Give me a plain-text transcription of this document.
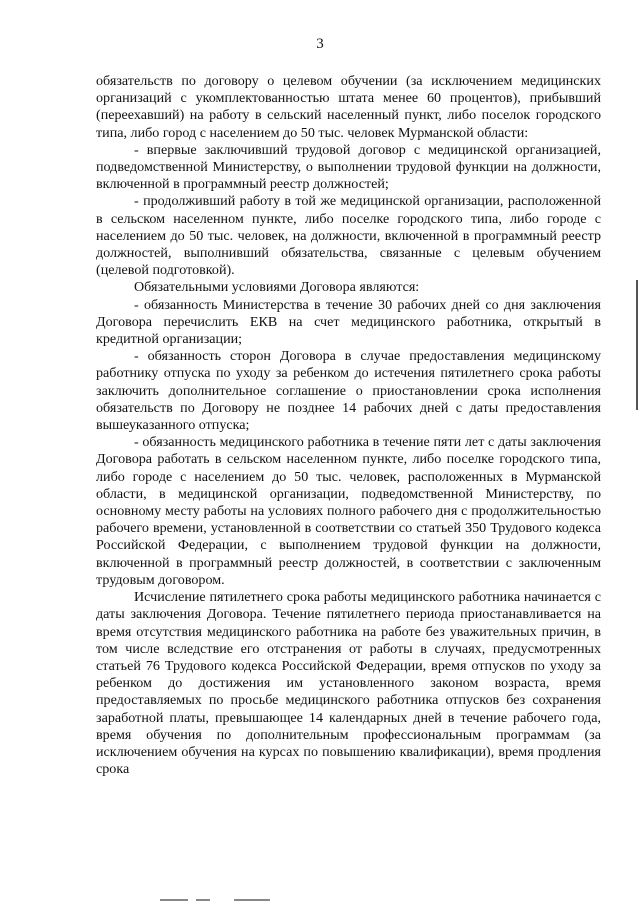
3

обязательств по договору о целевом обучении (за исключением медицинских организаций с укомплектованностью штата менее 60 процентов), прибывший (переехавший) на работу в сельский населенный пункт, либо поселок городского типа, либо город с населением до 50 тыс. человек Мурманской области:

- впервые заключивший трудовой договор с медицинской организацией, подведомственной Министерству, о выполнении трудовой функции на должности, включенной в программный реестр должностей;

- продолживший работу в той же медицинской организации, расположенной в сельском населенном пункте, либо поселке городского типа, либо городе с населением до 50 тыс. человек, на должности, включенной в программный реестр должностей, выполнивший обязательства, связанные с целевым обучением (целевой подготовкой).

Обязательными условиями Договора являются:

- обязанность Министерства в течение 30 рабочих дней со дня заключения Договора перечислить ЕКВ на счет медицинского работника, открытый в кредитной организации;

- обязанность сторон Договора в случае предоставления медицинскому работнику отпуска по уходу за ребенком до истечения пятилетнего срока работы заключить дополнительное соглашение о приостановлении срока исполнения обязательств по Договору не позднее 14 рабочих дней с даты предоставления вышеуказанного отпуска;

- обязанность медицинского работника в течение пяти лет с даты заключения Договора работать в сельском населенном пункте, либо поселке городского типа, либо городе с населением до 50 тыс. человек, расположенных в Мурманской области, в медицинской организации, подведомственной Министерству, по основному месту работы на условиях полного рабочего дня с продолжительностью рабочего времени, установленной в соответствии со статьей 350 Трудового кодекса Российской Федерации, с выполнением трудовой функции на должности, включенной в программный реестр должностей, в соответствии с заключенным трудовым договором.

Исчисление пятилетнего срока работы медицинского работника начинается с даты заключения Договора. Течение пятилетнего периода приостанавливается на время отсутствия медицинского работника на работе без уважительных причин, в том числе вследствие его отстранения от работы в случаях, предусмотренных статьей 76 Трудового кодекса Российской Федерации, время отпусков по уходу за ребенком до достижения им установленного законом возраста, время предоставляемых по просьбе медицинского работника отпусков без сохранения заработной платы, превышающее 14 календарных дней в течение рабочего года, время обучения по дополнительным профессиональным программам (за исключением обучения на курсах по повышению квалификации), время продления срока
